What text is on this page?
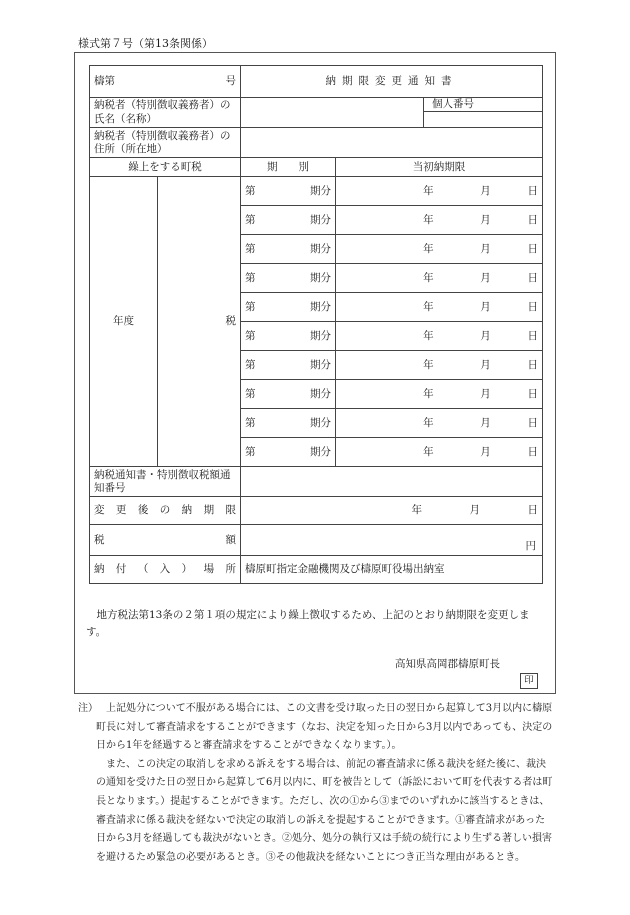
様式第７号（第13条関係）
檮第 号		納期限変更通知書		
納税者（特別徴収義務者）の氏名（名称）				個人番号

納税者（特別徴収義務者）の住所（所在地）				
繰上をする町税		期　　別	当初納期限	
年度	税	第 期分	年 月 日	

		第 期分	年 月 日	

		第 期分	年 月 日	

		第 期分	年 月 日	

		第 期分	年 月 日	

		第 期分	年 月 日	

		第 期分	年 月 日	

		第 期分	年 月 日	

		第 期分	年 月 日	

		第 期分	年 月 日	

納税通知書・特別徴収税額通知番号				
変更後の納期限		年 月 日		

税額		円		

納付（入）場所		檮原町指定金融機関及び檮原町役場出納室		

地方税法第13条の２第１項の規定により繰上徴収するため、上記のとおり納期限を変更します。

高知県高岡郡檮原町長
印
注） 上記処分について不服がある場合には、この文書を受け取った日の翌日から起算して3月以内に檮原町長に対して審査請求をすることができます（なお、決定を知った日から3月以内であっても、決定の日から1年を経過すると審査請求をすることができなくなります。）。

また、この決定の取消しを求める訴えをする場合は、前記の審査請求に係る裁決を経た後に、裁決の通知を受けた日の翌日から起算して6月以内に、町を被告として（訴訟において町を代表する者は町長となります。）提起することができます。ただし、次の①から③までのいずれかに該当するときは、審査請求に係る裁決を経ないで決定の取消しの訴えを提起することができます。①審査請求があった日から3月を経過しても裁決がないとき。②処分、処分の執行又は手続の続行により生ずる著しい損害を避けるため緊急の必要があるとき。③その他裁決を経ないことにつき正当な理由があるとき。
